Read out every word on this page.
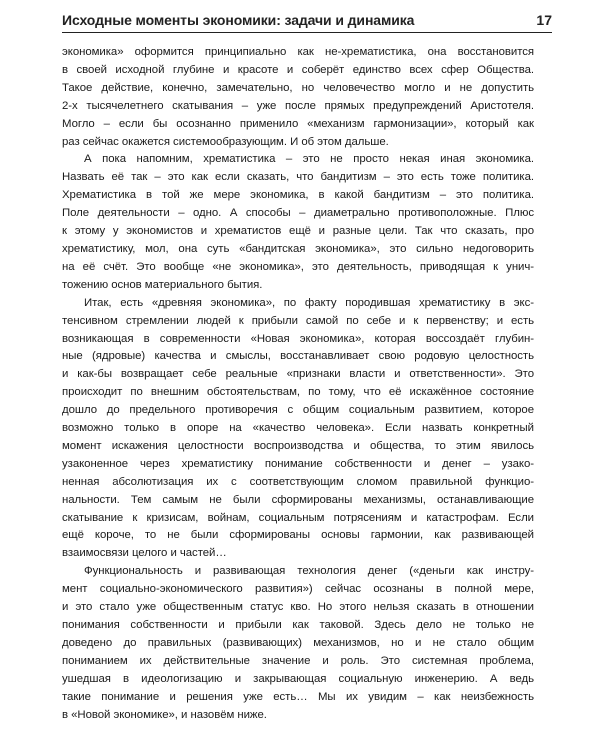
Исходные моменты экономики: задачи и динамика	17

экономика» оформится принципиально как не-хрематистика, она восстановится
в своей исходной глубине и красоте и соберёт единство всех сфер Общества.
Такое действие, конечно, замечательно, но человечество могло и не допустить
2-х тысячелетнего скатывания – уже после прямых предупреждений Аристотеля.
Могло – если бы осознанно применило «механизм гармонизации», который как
раз сейчас окажется системообразующим. И об этом дальше.

А пока напомним, хрематистика – это не просто некая иная экономика.
Назвать её так – это как если сказать, что бандитизм – это есть тоже политика.
Хрематистика в той же мере экономика, в какой бандитизм – это политика.
Поле деятельности – одно. А способы – диаметрально противоположные. Плюс
к этому у экономистов и хрематистов ещё и разные цели. Так что сказать, про
хрематистику, мол, она суть «бандитская экономика», это сильно недоговорить
на её счёт. Это вообще «не экономика», это деятельность, приводящая к унич-
тожению основ материального бытия.

Итак, есть «древняя экономика», по факту породившая хрематистику в экс-
тенсивном стремлении людей к прибыли самой по себе и к первенству; и есть
возникающая в современности «Новая экономика», которая воссоздаёт глубин-
ные (ядровые) качества и смыслы, восстанавливает свою родовую целостность
и как-бы возвращает себе реальные «признаки власти и ответственности». Это
происходит по внешним обстоятельствам, по тому, что её искажённое состояние
дошло до предельного противоречия с общим социальным развитием, которое
возможно только в опоре на «качество человека». Если назвать конкретный
момент искажения целостности воспроизводства и общества, то этим явилось
узаконенное через хрематистику понимание собственности и денег – узако-
ненная абсолютизация их с соответствующим сломом правильной функцио-
нальности. Тем самым не были сформированы механизмы, останавливающие
скатывание к кризисам, войнам, социальным потрясениям и катастрофам. Если
ещё короче, то не были сформированы основы гармонии, как развивающей
взаимосвязи целого и частей…

Функциональность и развивающая технология денег («деньги как инстру-
мент социально-экономического развития») сейчас осознаны в полной мере,
и это стало уже общественным статус кво. Но этого нельзя сказать в отношении
понимания собственности и прибыли как таковой. Здесь дело не только не
доведено до правильных (развивающих) механизмов, но и не стало общим
пониманием их действительные значение и роль. Это системная проблема,
ушедшая в идеологизацию и закрывающая социальную инженерию. А ведь
такие понимание и решения уже есть… Мы их увидим – как неизбежность
в «Новой экономике», и назовём ниже.
